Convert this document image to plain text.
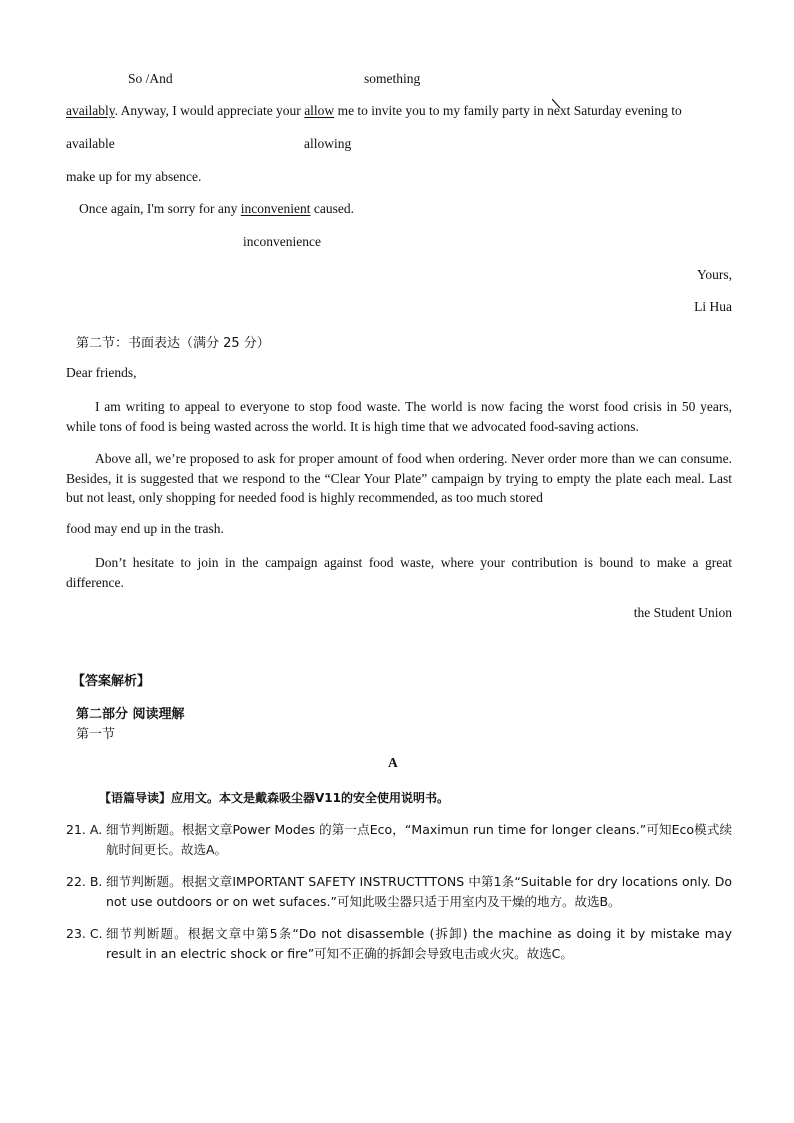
So /And	something
availably. Anyway, I would appreciate your allow me to invite you to my family party in next Saturday evening to
available	allowing
make up for my absence.
Once again, I'm sorry for any inconvenient caused.
inconvenience
Yours,
Li Hua
第二节：书面表达（满分 25 分）
Dear friends,
I am writing to appeal to everyone to stop food waste. The world is now facing the worst food crisis in 50 years, while tons of food is being wasted across the world. It is high time that we advocated food-saving actions.
Above all, we’re proposed to ask for proper amount of food when ordering. Never order more than we can consume. Besides, it is suggested that we respond to the “Clear Your Plate” campaign by trying to empty the plate each meal. Last but not least, only shopping for needed food is highly recommended, as too much stored
food may end up in the trash.
Don’t hesitate to join in the campaign against food waste, where your contribution is bound to make a great difference.
the Student Union
【答案解析】
第二部分 阅读理解
第一节
A
【语篇导读】应用文。本文是戴森吸尘器V11的安全使用说明书。
21. A. 细节判断题。根据文章Power Modes 的第一点Eco，“Maximun run time for longer cleans.”可知Eco模式续航时间更长。故选A。
22. B. 细节判断题。根据文章IMPORTANT SAFETY INSTRUCTTTONS 中第1条“Suitable for dry locations only. Do not use outdoors or on wet sufaces.”可知此吸尘器只适于用室内及干燥的地方。故选B。
23. C. 细节判断题。根据文章中第5条“Do not disassemble (拆卸) the machine as doing it by mistake may result in an electric shock or fire”可知不正确的拆卸会导致电击或火灾。故选C。
